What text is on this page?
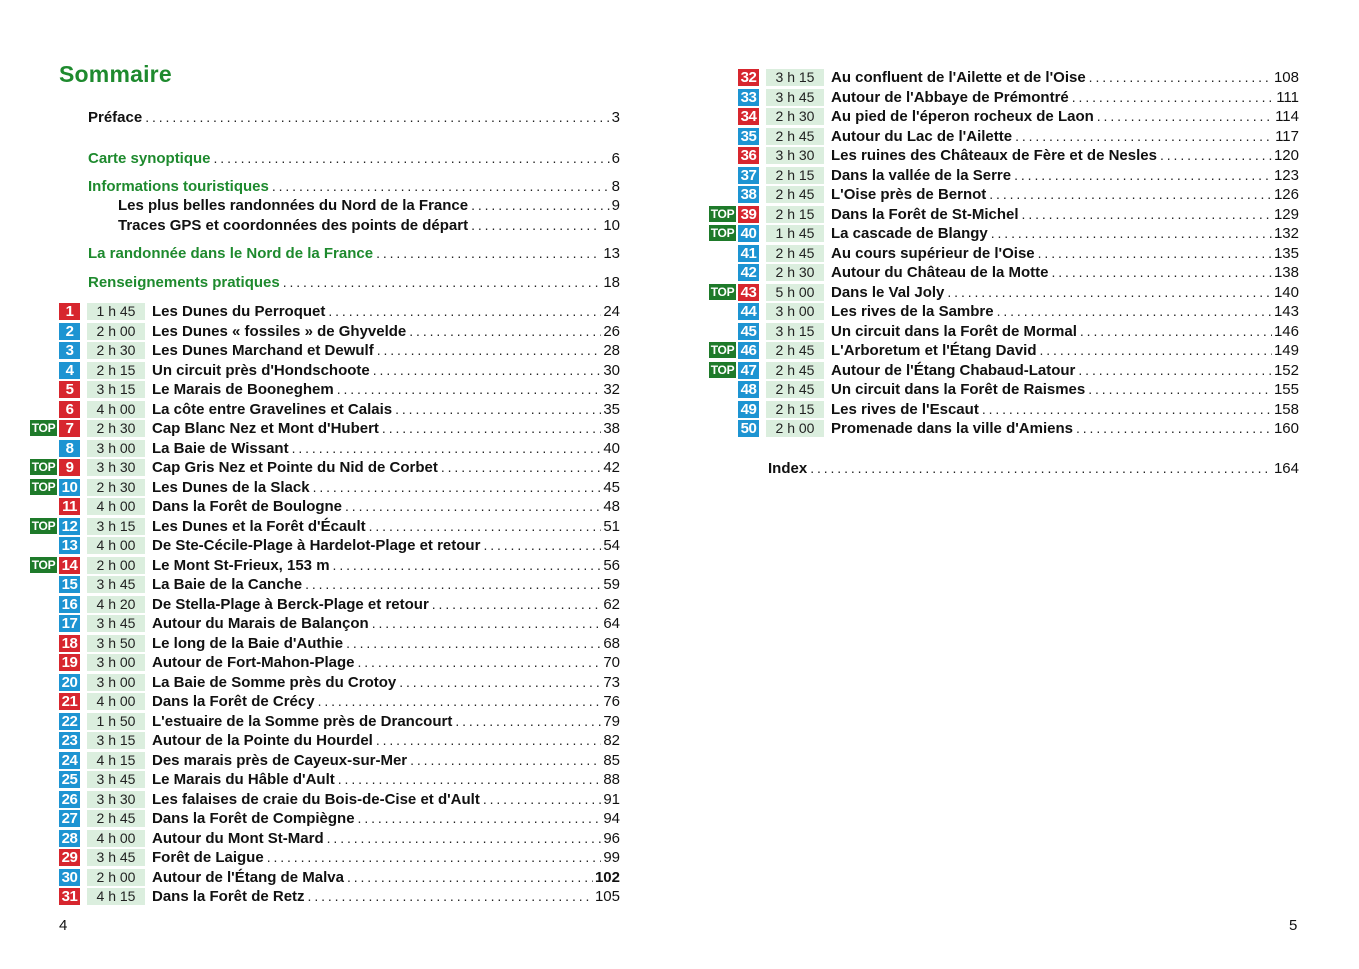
Sommaire
Préface . . .	3
Carte synoptique . . .	6
Informations touristiques . . .	8
Les plus belles randonnées du Nord de la France . . .	9
Traces GPS et coordonnées des points de départ . . .	10
La randonnée dans le Nord de la France . . .	13
Renseignements pratiques . . .	18
1	1 h 45	Les Dunes du Perroquet . . .	24
2	2 h 00	Les Dunes « fossiles » de Ghyvelde . . .	26
3	2 h 30	Les Dunes Marchand et Dewulf . . .	28
4	2 h 15	Un circuit près d'Hondschoote . . .	30
5	3 h 15	Le Marais de Booneghem . . .	32
6	4 h 00	La côte entre Gravelines et Calais . . .	35
TOP 7	2 h 30	Cap Blanc Nez et Mont d'Hubert . . .	38
8	3 h 00	La Baie de Wissant . . .	40
TOP 9	3 h 30	Cap Gris Nez et Pointe du Nid de Corbet . . .	42
TOP 10	2 h 30	Les Dunes de la Slack . . .	45
11	4 h 00	Dans la Forêt de Boulogne . . .	48
TOP 12	3 h 15	Les Dunes et la Forêt d'Écault . . .	51
13	4 h 00	De Ste-Cécile-Plage à Hardelot-Plage et retour . . .	54
TOP 14	2 h 00	Le Mont St-Frieux, 153 m . . .	56
15	3 h 45	La Baie de la Canche . . .	59
16	4 h 20	De Stella-Plage à Berck-Plage et retour . . .	62
17	3 h 45	Autour du Marais de Balançon . . .	64
18	3 h 50	Le long de la Baie d'Authie . . .	68
19	3 h 00	Autour de Fort-Mahon-Plage . . .	70
20	3 h 00	La Baie de Somme près du Crotoy . . .	73
21	4 h 00	Dans la Forêt de Crécy . . .	76
22	1 h 50	L'estuaire de la Somme près de Drancourt . . .	79
23	3 h 15	Autour de la Pointe du Hourdel . . .	82
24	4 h 15	Des marais près de Cayeux-sur-Mer . . .	85
25	3 h 45	Le Marais du Hâble d'Ault . . .	88
26	3 h 30	Les falaises de craie du Bois-de-Cise et d'Ault . . .	91
27	2 h 45	Dans la Forêt de Compiègne . . .	94
28	4 h 00	Autour du Mont St-Mard . . .	96
29	3 h 45	Forêt de Laigue . . .	99
30	2 h 00	Autour de l'Étang de Malva . . .	102
31	4 h 15	Dans la Forêt de Retz . . .	105
4
32	3 h 15	Au confluent de l'Ailette et de l'Oise . . .	108
33	3 h 45	Autour de l'Abbaye de Prémontré . . .	111
34	2 h 30	Au pied de l'éperon rocheux de Laon . . .	114
35	2 h 45	Autour du Lac de l'Ailette . . .	117
36	3 h 30	Les ruines des Châteaux de Fère et de Nesles . . .	120
37	2 h 15	Dans la vallée de la Serre . . .	123
38	2 h 45	L'Oise près de Bernot . . .	126
TOP 39	2 h 15	Dans la Forêt de St-Michel . . .	129
TOP 40	1 h 45	La cascade de Blangy . . .	132
41	2 h 45	Au cours supérieur de l'Oise . . .	135
42	2 h 30	Autour du Château de la Motte . . .	138
TOP 43	5 h 00	Dans le Val Joly . . .	140
44	3 h 00	Les rives de la Sambre . . .	143
45	3 h 15	Un circuit dans la Forêt de Mormal . . .	146
TOP 46	2 h 45	L'Arboretum et l'Étang David . . .	149
TOP 47	2 h 45	Autour de l'Étang Chabaud-Latour . . .	152
48	2 h 45	Un circuit dans la Forêt de Raismes . . .	155
49	2 h 15	Les rives de l'Escaut . . .	158
50	2 h 00	Promenade dans la ville d'Amiens . . .	160
Index . . .	164
5
